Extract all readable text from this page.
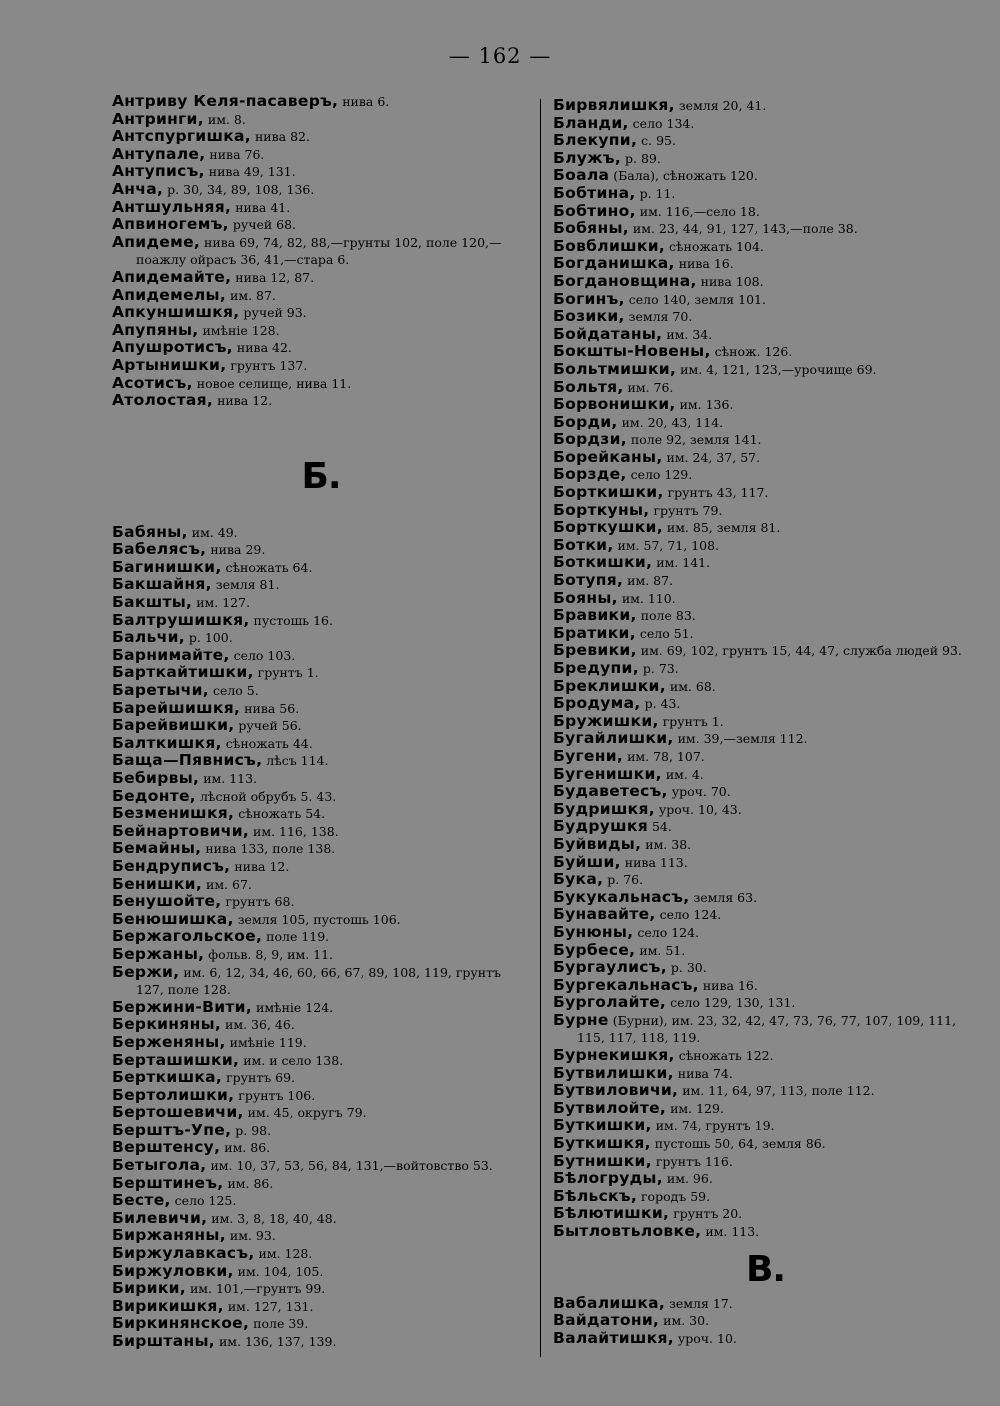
— 162 —
Антриву Келя-пасаверъ, нива 6.
Антринги, им. 8.
Антспургишка, нива 82.
Антупале, нива 76.
Антуписъ, нива 49, 131.
Анча, р. 30, 34, 89, 108, 136.
Антшульняя, нива 41.
Апвиногемъ, ручей 68.
Апидеме, нива 69, 74, 82, 88,—грунты 102, поле 120,—поажлу ойрасъ 36, 41,—стара 6.
Апидемайте, нива 12, 87.
Апидемелы, им. 87.
Апкуншишкя, ручей 93.
Апупяны, имѣніе 128.
Апушротисъ, нива 42.
Артынишки, грунтъ 137.
Асотисъ, новое селище, нива 11.
Атолостая, нива 12.
Б.
Бабяны, им. 49.
Бабелясъ, нива 29.
Багинишки, сѣножать 64.
Бакшайня, земля 81.
Бакшты, им. 127.
Балтрушишкя, пустошь 16.
Бальчи, р. 100.
Барнимайте, село 103.
Барткайтишки, грунтъ 1.
Баретычи, село 5.
Барейшишкя, нива 56.
Барейвишки, ручей 56.
Балткишкя, сѣножать 44.
Баща—Пявнисъ, лѣсъ 114.
Бебирвы, им. 113.
Бедонте, лѣсной обрубъ 5. 43.
Безменишкя, сѣножать 54.
Бейнартовичи, им. 116, 138.
Бемайны, нива 133, поле 138.
Бендруписъ, нива 12.
Бенишки, им. 67.
Бенушойте, грунтъ 68.
Бенюшишка, земля 105, пустошь 106.
Бержагольское, поле 119.
Бержаны, фольв. 8, 9, им. 11.
Бержи, им. 6, 12, 34, 46, 60, 66, 67, 89, 108, 119, грунтъ 127, поле 128.
Бержини-Вити, имѣніе 124.
Беркиняны, им. 36, 46.
Берженяны, имѣніе 119.
Берташишки, им. и село 138.
Берткишка, грунтъ 69.
Бертолишки, грунтъ 106.
Бертошевичи, им. 45, округъ 79.
Берштъ-Упе, р. 98.
Верштенсу, им. 86.
Бетыгола, им. 10, 37, 53, 56, 84, 131,—войтовство 53.
Берштинеъ, им. 86.
Бесте, село 125.
Билевичи, им. 3, 8, 18, 40, 48.
Биржаняны, им. 93.
Биржулавкасъ, им. 128.
Биржуловки, им. 104, 105.
Бирики, им. 101,—грунтъ 99.
Вирикишкя, им. 127, 131.
Биркинянское, поле 39.
Бирштаны, им. 136, 137, 139.
Бирвялишкя, земля 20, 41.
Бланди, село 134.
Блекупи, с. 95.
Блужъ, р. 89.
Боала (Бала), сѣножать 120.
Бобтина, р. 11.
Бобтино, им. 116,—село 18.
Бобяны, им. 23, 44, 91, 127, 143,—поле 38.
Бовблишки, сѣножать 104.
Богданишка, нива 16.
Богдановщина, нива 108.
Богинъ, село 140, земля 101.
Бозики, земля 70.
Бойдатаны, им. 34.
Бокшты-Новены, сѣнож. 126.
Больтмишки, им. 4, 121, 123,—урочище 69.
Больтя, им. 76.
Борвонишки, им. 136.
Борди, им. 20, 43, 114.
Бордзи, поле 92, земля 141.
Борейканы, им. 24, 37, 57.
Борзде, село 129.
Борткишки, грунтъ 43, 117.
Борткуны, грунтъ 79.
Борткушки, им. 85, земля 81.
Ботки, им. 57, 71, 108.
Боткишки, им. 141.
Ботупя, им. 87.
Бояны, им. 110.
Бравики, поле 83.
Братики, село 51.
Бревики, им. 69, 102, грунтъ 15, 44, 47, служба людей 93.
Бредупи, р. 73.
Бреклишки, им. 68.
Бродума, р. 43.
Бружишки, грунтъ 1.
Бугайлишки, им. 39,—земля 112.
Бугени, им. 78, 107.
Бугенишки, им. 4.
Будаветесъ, уроч. 70.
Будришкя, уроч. 10, 43.
Будрушкя 54.
Буйвиды, им. 38.
Буйши, нива 113.
Бука, р. 76.
Букукальнасъ, земля 63.
Бунавайте, село 124.
Бунюны, село 124.
Бурбесе, им. 51.
Бургаулисъ, р. 30.
Бургекальнасъ, нива 16.
Бурголайте, село 129, 130, 131.
Бурне (Бурни), им. 23, 32, 42, 47, 73, 76, 77, 107, 109, 111, 115, 117, 118, 119.
Бурнекишкя, сѣножать 122.
Бутвилишки, нива 74.
Бутвиловичи, им. 11, 64, 97, 113, поле 112.
Бутвилойте, им. 129.
Буткишки, им. 74, грунтъ 19.
Буткишкя, пустошь 50, 64, земля 86.
Бутнишки, грунтъ 116.
Бѣлогруды, им. 96.
Бѣльскъ, городъ 59.
Бѣлютишки, грунтъ 20.
Бытловтьловке, им. 113.
В.
Вабалишка, земля 17.
Вайдатони, им. 30.
Валайтишкя, уроч. 10.
